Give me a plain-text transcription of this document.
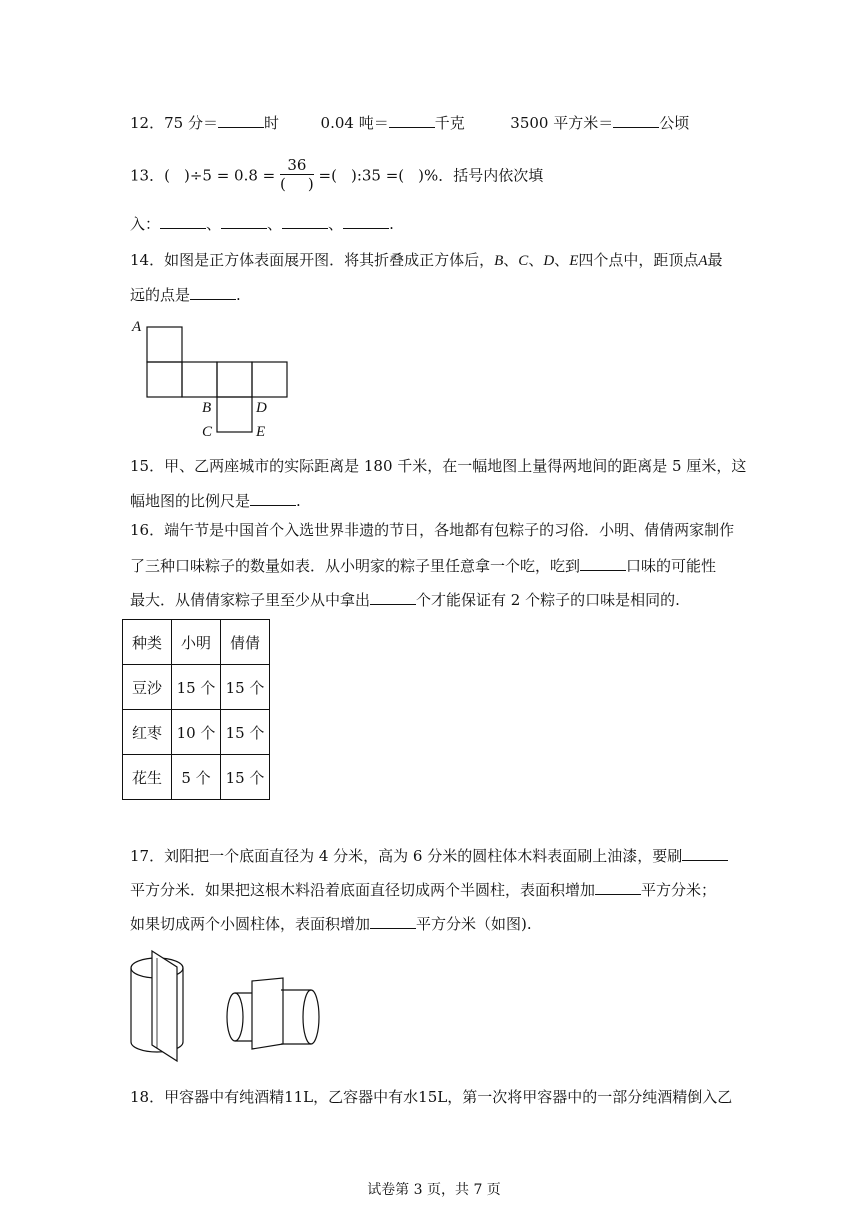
12．75 分＝	时	0.04 吨＝	千克	3500 平方米＝	公顷
13．( )$\div 5 = 0.8 = \frac{36}{( )}$ =( ):35 =( )%．括号内依次填
入：	、	、	、	.
14．如图是正方体表面展开图．将其折叠成正方体后，B、C、D、E四个点中，距顶点A最
远的点是	.
A
B	D
C	E
15．甲、乙两座城市的实际距离是 180 千米，在一幅地图上量得两地间的距离是 5 厘米，这
幅地图的比例尺是	.
16．端午节是中国首个入选世界非遗的节日，各地都有包粽子的习俗．小明、倩倩两家制作
了三种口味粽子的数量如表．从小明家的粽子里任意拿一个吃，吃到	口味的可能性
最大．从倩倩家粽子里至少从中拿出	个才能保证有 2 个粽子的口味是相同的.
种类	小明	倩倩
豆沙	15 个	15 个
红枣	10 个	15 个
花生	5 个	15 个
17．刘阳把一个底面直径为 4 分米，高为 6 分米的圆柱体木料表面刷上油漆，要刷
平方分米．如果把这根木料沿着底面直径切成两个半圆柱，表面积增加	平方分米；
如果切成两个小圆柱体，表面积增加	平方分米（如图).
18．甲容器中有纯酒精11L，乙容器中有水15L，第一次将甲容器中的一部分纯酒精倒入乙
试卷第 3 页，共 7 页
